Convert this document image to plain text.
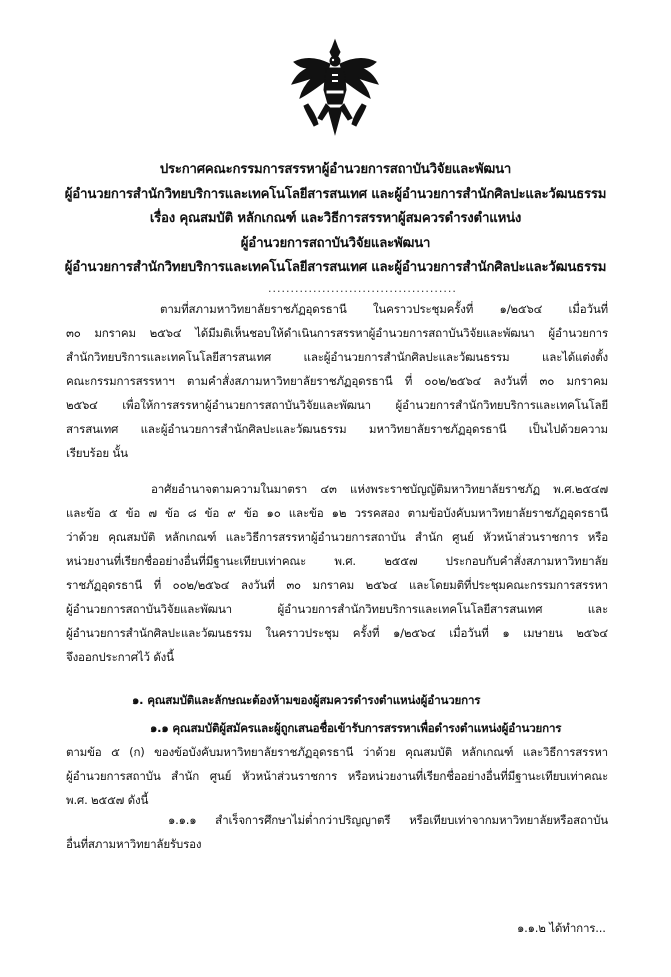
ประกาศคณะกรรมการสรรหาผู้อำนวยการสถาบันวิจัยและพัฒนา
ผู้อำนวยการสำนักวิทยบริการและเทคโนโลยีสารสนเทศ และผู้อำนวยการสำนักศิลปะและวัฒนธรรม
เรื่อง คุณสมบัติ หลักเกณฑ์ และวิธีการสรรหาผู้สมควรดำรงตำแหน่ง
ผู้อำนวยการสถาบันวิจัยและพัฒนา
ผู้อำนวยการสำนักวิทยบริการและเทคโนโลยีสารสนเทศ และผู้อำนวยการสำนักศิลปะและวัฒนธรรม
..........................................
ตามที่สภามหาวิทยาลัยราชภัฏอุดรธานี ในคราวประชุมครั้งที่ ๑/๒๕๖๔ เมื่อวันที่
๓๐ มกราคม ๒๕๖๔ ได้มีมติเห็นชอบให้ดำเนินการสรรหาผู้อำนวยการสถาบันวิจัยและพัฒนา ผู้อำนวยการ
สำนักวิทยบริการและเทคโนโลยีสารสนเทศ และผู้อำนวยการสำนักศิลปะและวัฒนธรรม และได้แต่งตั้ง
คณะกรรมการสรรหาฯ ตามคำสั่งสภามหาวิทยาลัยราชภัฏอุดรธานี ที่ ๐๐๒/๒๕๖๔ ลงวันที่ ๓๐ มกราคม
๒๕๖๔ เพื่อให้การสรรหาผู้อำนวยการสถาบันวิจัยและพัฒนา ผู้อำนวยการสำนักวิทยบริการและเทคโนโลยี
สารสนเทศ และผู้อำนวยการสำนักศิลปะและวัฒนธรรม มหาวิทยาลัยราชภัฏอุดรธานี เป็นไปด้วยความ
เรียบร้อย นั้น
อาศัยอำนาจตามความในมาตรา ๔๓ แห่งพระราชบัญญัติมหาวิทยาลัยราชภัฏ พ.ศ.๒๕๔๗
และข้อ ๕ ข้อ ๗ ข้อ ๘ ข้อ ๙ ข้อ ๑๐ และข้อ ๑๒ วรรคสอง ตามข้อบังคับมหาวิทยาลัยราชภัฏอุดรธานี
ว่าด้วย คุณสมบัติ หลักเกณฑ์ และวิธีการสรรหาผู้อำนวยการสถาบัน สำนัก ศูนย์ หัวหน้าส่วนราชการ หรือ
หน่วยงานที่เรียกชื่ออย่างอื่นที่มีฐานะเทียบเท่าคณะ พ.ศ. ๒๕๕๗ ประกอบกับคำสั่งสภามหาวิทยาลัย
ราชภัฏอุดรธานี ที่ ๐๐๒/๒๕๖๔ ลงวันที่ ๓๐ มกราคม ๒๕๖๔ และโดยมติที่ประชุมคณะกรรมการสรรหา
ผู้อำนวยการสถาบันวิจัยและพัฒนา ผู้อำนวยการสำนักวิทยบริการและเทคโนโลยีสารสนเทศ และ
ผู้อำนวยการสำนักศิลปะและวัฒนธรรม ในคราวประชุม ครั้งที่ ๑/๒๕๖๔ เมื่อวันที่ ๑ เมษายน ๒๕๖๔
จึงออกประกาศไว้ ดังนี้
๑. คุณสมบัติและลักษณะต้องห้ามของผู้สมควรดำรงตำแหน่งผู้อำนวยการ
๑.๑ คุณสมบัติผู้สมัครและผู้ถูกเสนอชื่อเข้ารับการสรรหาเพื่อดำรงตำแหน่งผู้อำนวยการ
ตามข้อ ๕ (ก) ของข้อบังคับมหาวิทยาลัยราชภัฏอุดรธานี ว่าด้วย คุณสมบัติ หลักเกณฑ์ และวิธีการสรรหา
ผู้อำนวยการสถาบัน สำนัก ศูนย์ หัวหน้าส่วนราชการ หรือหน่วยงานที่เรียกชื่ออย่างอื่นที่มีฐานะเทียบเท่าคณะ
พ.ศ. ๒๕๕๗ ดังนี้
๑.๑.๑ สำเร็จการศึกษาไม่ต่ำกว่าปริญญาตรี หรือเทียบเท่าจากมหาวิทยาลัยหรือสถาบัน
อื่นที่สภามหาวิทยาลัยรับรอง
๑.๑.๒ ได้ทำการ...
